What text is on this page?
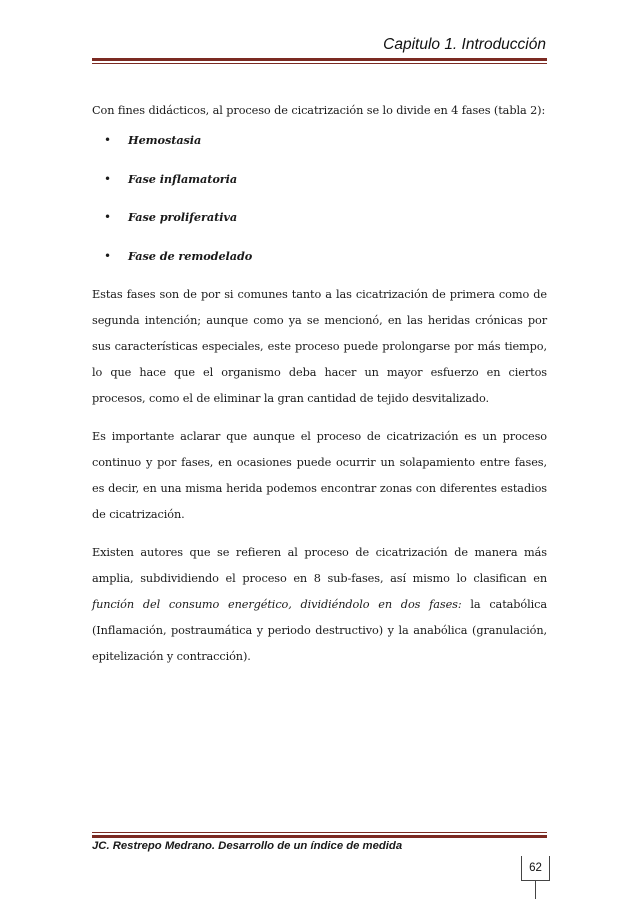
Capitulo 1. Introducción

Con fines didácticos, al proceso de cicatrización se lo divide en 4 fases (tabla 2):

• Hemostasia
• Fase inflamatoria
• Fase proliferativa
• Fase de remodelado

Estas fases son de por si comunes tanto a las cicatrización de primera como de segunda intención; aunque como ya se mencionó, en las heridas crónicas por sus características especiales, este proceso puede prolongarse por más tiempo, lo que hace que el organismo deba hacer un mayor esfuerzo en ciertos procesos, como el de eliminar la gran cantidad de tejido desvitalizado.

Es importante aclarar que aunque el proceso de cicatrización es un proceso continuo y por fases, en ocasiones puede ocurrir un solapamiento entre fases, es decir, en una misma herida podemos encontrar zonas con diferentes estadios de cicatrización.

Existen autores que se refieren al proceso de cicatrización de manera más amplia, subdividiendo el proceso en 8 sub-fases, así mismo lo clasifican en función del consumo energético, dividiéndolo en dos fases: la catabólica (Inflamación, postraumática y periodo destructivo) y la anabólica (granulación, epitelización y contracción).

JC. Restrepo Medrano. Desarrollo de un índice de medida
62
